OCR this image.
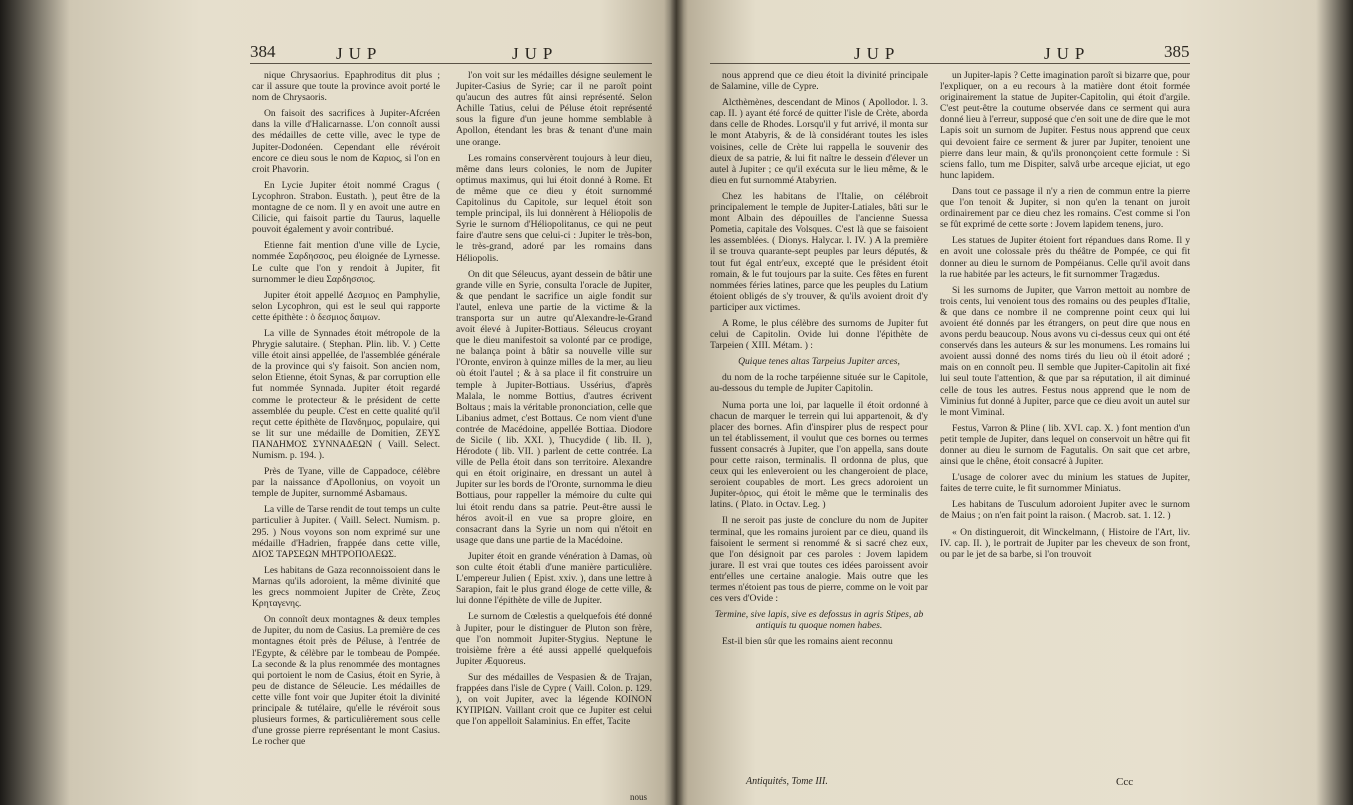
384	JUP	JUP

nique Chrysaorius. Epaphroditus dit plus ; car il assure que toute la province avoit porté le nom de Chrysaoris.

On faisoit des sacrifices à Jupiter-Afcréen dans la ville d'Halicarnasse. L'on connoît aussi des médailles de cette ville, avec le type de Jupiter-Dodonéen. Cependant elle révéroit encore ce dieu sous le nom de Καριος, si l'on en croit Phavorin.

En Lycie Jupiter étoit nommé Cragus ( Lycophron. Strabon. Eustath. ), peut être de la montagne de ce nom. Il y en avoit une autre en Cilicie, qui faisoit partie du Taurus, laquelle pouvoit également y avoir contribué.

Etienne fait mention d'une ville de Lycie, nommée Σαρδησσος, peu éloignée de Lyrnesse. Le culte que l'on y rendoit à Jupiter, fit surnommer le dieu Σαρδησσιος.

Jupiter étoit appellé Δεσμιος en Pamphylie, selon Lycophron, qui est le seul qui rapporte cette épithète : ὁ δεσμιος δαιμων.

La ville de Synnades étoit métropole de la Phrygie salutaire. ( Stephan. Plin. lib. V. ) Cette ville étoit ainsi appellée, de l'assemblée générale de la province qui s'y faisoit. Son ancien nom, selon Etienne, étoit Synas, & par corruption elle fut nommée Synnada. Jupiter étoit regardé comme le protecteur & le président de cette assemblée du peuple. C'est en cette qualité qu'il reçut cette épithète de Πανδημος, populaire, qui se lit sur une médaille de Domitien, ΖΕΥΣ ΠΑΝΔΗΜΟΣ ΣΥΝΝΑΔΕΩΝ ( Vaill. Select. Numism. p. 194. ).

Près de Tyane, ville de Cappadoce, célèbre par la naissance d'Apollonius, on voyoit un temple de Jupiter, surnommé Asbamaus.

La ville de Tarse rendit de tout temps un culte particulier à Jupiter. ( Vaill. Select. Numism. p. 295. ) Nous voyons son nom exprimé sur une médaille d'Hadrien, frappée dans cette ville, ΔΙΟΣ ΤΑΡΣΕΩΝ ΜΗΤΡΟΠΟΛΕΩΣ.

Les habitans de Gaza reconnoissoient dans le Marnas qu'ils adoroient, la même divinité que les grecs nommoient Jupiter de Crète, Ζευς Κρηταγενης.

On connoît deux montagnes & deux temples de Jupiter, du nom de Casius. La première de ces montagnes étoit près de Péluse, à l'entrée de l'Egypte, & célèbre par le tombeau de Pompée. La seconde & la plus renommée des montagnes qui portoient le nom de Casius, étoit en Syrie, à peu de distance de Séleucie. Les médailles de cette ville font voir que Jupiter étoit la divinité principale & tutélaire, qu'elle le révéroit sous plusieurs formes, & particulièrement sous celle d'une grosse pierre représentant le mont Casius. Le rocher que

l'on voit sur les médailles désigne seulement le Jupiter-Casius de Syrie; car il ne paroît point qu'aucun des autres fût ainsi représenté. Selon Achille Tatius, celui de Péluse étoit représenté sous la figure d'un jeune homme semblable à Apollon, étendant les bras & tenant d'une main une orange.

Les romains conservèrent toujours à leur dieu, même dans leurs colonies, le nom de Jupiter optimus maximus, qui lui étoit donné à Rome. Et de même que ce dieu y étoit surnommé Capitolinus du Capitole, sur lequel étoit son temple principal, ils lui donnèrent à Héliopolis de Syrie le surnom d'Héliopolitanus, ce qui ne peut faire d'autre sens que celui-ci : Jupiter le très-bon, le très-grand, adoré par les romains dans Héliopolis.

On dit que Séleucus, ayant dessein de bâtir une grande ville en Syrie, consulta l'oracle de Jupiter, & que pendant le sacrifice un aigle fondit sur l'autel, enleva une partie de la victime & la transporta sur un autre qu'Alexandre-le-Grand avoit élevé à Jupiter-Bottiaus. Séleucus croyant que le dieu manifestoit sa volonté par ce prodige, ne balança point à bâtir sa nouvelle ville sur l'Oronte, environ à quinze milles de la mer, au lieu où étoit l'autel ; & à sa place il fit construire un temple à Jupiter-Bottiaus. Ussérius, d'après Malala, le nomme Bottius, d'autres écrivent Boltaus ; mais la véritable prononciation, celle que Libanius admet, c'est Bottaus. Ce nom vient d'une contrée de Macédoine, appellée Bottiaa. Diodore de Sicile ( lib. XXI. ), Thucydide ( lib. II. ), Hérodote ( lib. VII. ) parlent de cette contrée. La ville de Pella étoit dans son territoire. Alexandre qui en étoit originaire, en dressant un autel à Jupiter sur les bords de l'Oronte, surnomma le dieu Bottiaus, pour rappeller la mémoire du culte qui lui étoit rendu dans sa patrie. Peut-être aussi le héros avoit-il en vue sa propre gloire, en consacrant dans la Syrie un nom qui n'étoit en usage que dans une partie de la Macédoine.

Jupiter étoit en grande vénération à Damas, où son culte étoit établi d'une manière particulière. L'empereur Julien ( Epist. xxiv. ), dans une lettre à Sarapion, fait le plus grand éloge de cette ville, & lui donne l'épithète de ville de Jupiter.

Le surnom de Cœlestis a quelquefois été donné à Jupiter, pour le distinguer de Pluton son frère, que l'on nommoit Jupiter-Stygius. Neptune le troisième frère a été aussi appellé quelquefois Jupiter Æquoreus.

Sur des médailles de Vespasien & de Trajan, frappées dans l'isle de Cypre ( Vaill. Colon. p. 129. ), on voit Jupiter, avec la légende ΚΟΙΝΟΝ ΚΥΠΡΙΩΝ. Vaillant croit que ce Jupiter est celui que l'on appelloit Salaminius. En effet, Tacite

nous
JUP	JUP	385

nous apprend que ce dieu étoit la divinité principale de Salamine, ville de Cypre.

Alcthèmènes, descendant de Minos ( Apollodor. l. 3. cap. II. ) ayant été forcé de quitter l'isle de Crète, aborda dans celle de Rhodes. Lorsqu'il y fut arrivé, il monta sur le mont Atabyris, & de là considérant toutes les isles voisines, celle de Crète lui rappella le souvenir des dieux de sa patrie, & lui fit naître le dessein d'élever un autel à Jupiter ; ce qu'il exécuta sur le lieu même, & le dieu en fut surnommé Atabyrien.

Chez les habitans de l'Italie, on célébroit principalement le temple de Jupiter-Latiales, bâti sur le mont Albain des dépouilles de l'ancienne Suessa Pometia, capitale des Volsques. C'est là que se faisoient les assemblées. ( Dionys. Halycar. l. IV. ) A la première il se trouva quarante-sept peuples par leurs députés, & tout fut égal entr'eux, excepté que le président étoit romain, & le fut toujours par la suite. Ces fêtes en furent nommées féries latines, parce que les peuples du Latium étoient obligés de s'y trouver, & qu'ils avoient droit d'y participer aux victimes.

A Rome, le plus célèbre des surnoms de Jupiter fut celui de Capitolin. Ovide lui donne l'épithète de Tarpeien ( XIII. Métam. ) :

Quique tenes altas Tarpeius Jupiter arces,

du nom de la roche tarpéienne située sur le Capitole, au-dessous du temple de Jupiter Capitolin.

Numa porta une loi, par laquelle il étoit ordonné à chacun de marquer le terrein qui lui appartenoit, & d'y placer des bornes. Afin d'inspirer plus de respect pour un tel établissement, il voulut que ces bornes ou termes fussent consacrés à Jupiter, que l'on appella, sans doute pour cette raison, terminalis. Il ordonna de plus, que ceux qui les enleveroient ou les changeroient de place, seroient coupables de mort. Les grecs adoroient un Jupiter-ὁριος, qui étoit le même que le terminalis des latins. ( Plato. in Octav. Leg. )

Il ne seroit pas juste de conclure du nom de Jupiter terminal, que les romains juroient par ce dieu, quand ils faisoient le serment si renommé & si sacré chez eux, que l'on désignoit par ces paroles : Jovem lapidem jurare. Il est vrai que toutes ces idées paroissent avoir entr'elles une certaine analogie. Mais outre que les termes n'étoient pas tous de pierre, comme on le voit par ces vers d'Ovide :

Termine, sive lapis, sive es defossus in agris Stipes, ab antiquis tu quoque nomen habes.

Est-il bien sûr que les romains aient reconnu

un Jupiter-lapis ? Cette imagination paroît si bizarre que, pour l'expliquer, on a eu recours à la matière dont étoit formée originairement la statue de Jupiter-Capitolin, qui étoit d'argile. C'est peut-être la coutume observée dans ce serment qui aura donné lieu à l'erreur, supposé que c'en soit une de dire que le mot Lapis soit un surnom de Jupiter. Festus nous apprend que ceux qui devoient faire ce serment & jurer par Jupiter, tenoient une pierre dans leur main, & qu'ils prononçoient cette formule : Si sciens fallo, tum me Dispiter, salvâ urbe arceque ejiciat, ut ego hunc lapidem.

Dans tout ce passage il n'y a rien de commun entre la pierre que l'on tenoit & Jupiter, si non qu'en la tenant on juroit ordinairement par ce dieu chez les romains. C'est comme si l'on se fût exprimé de cette sorte : Jovem lapidem tenens, juro.

Les statues de Jupiter étoient fort répandues dans Rome. Il y en avoit une colossale près du théâtre de Pompée, ce qui fit donner au dieu le surnom de Pompéianus. Celle qu'il avoit dans la rue habitée par les acteurs, le fit surnommer Tragædus.

Si les surnoms de Jupiter, que Varron mettoit au nombre de trois cents, lui venoient tous des romains ou des peuples d'Italie, & que dans ce nombre il ne comprenne point ceux qui lui avoient été donnés par les étrangers, on peut dire que nous en avons perdu beaucoup. Nous avons vu ci-dessus ceux qui ont été conservés dans les auteurs & sur les monumens. Les romains lui avoient aussi donné des noms tirés du lieu où il étoit adoré ; mais on en connoît peu. Il semble que Jupiter-Capitolin ait fixé lui seul toute l'attention, & que par sa réputation, il ait diminué celle de tous les autres. Festus nous apprend que le nom de Viminius fut donné à Jupiter, parce que ce dieu avoit un autel sur le mont Viminal.

Festus, Varron & Pline ( lib. XVI. cap. X. ) font mention d'un petit temple de Jupiter, dans lequel on conservoit un hêtre qui fit donner au dieu le surnom de Fagutalis. On sait que cet arbre, ainsi que le chêne, étoit consacré à Jupiter.

L'usage de colorer avec du minium les statues de Jupiter, faites de terre cuite, le fit surnommer Miniatus.

Les habitans de Tusculum adoroient Jupiter avec le surnom de Maius ; on n'en fait point la raison. ( Macrob. sat. 1. 12. )

« On distingueroit, dit Winckelmann, ( Histoire de l'Art, liv. IV. cap. II. ), le portrait de Jupiter par les cheveux de son front, ou par le jet de sa barbe, si l'on trouvoit

Antiquités, Tome III.	Ccc
